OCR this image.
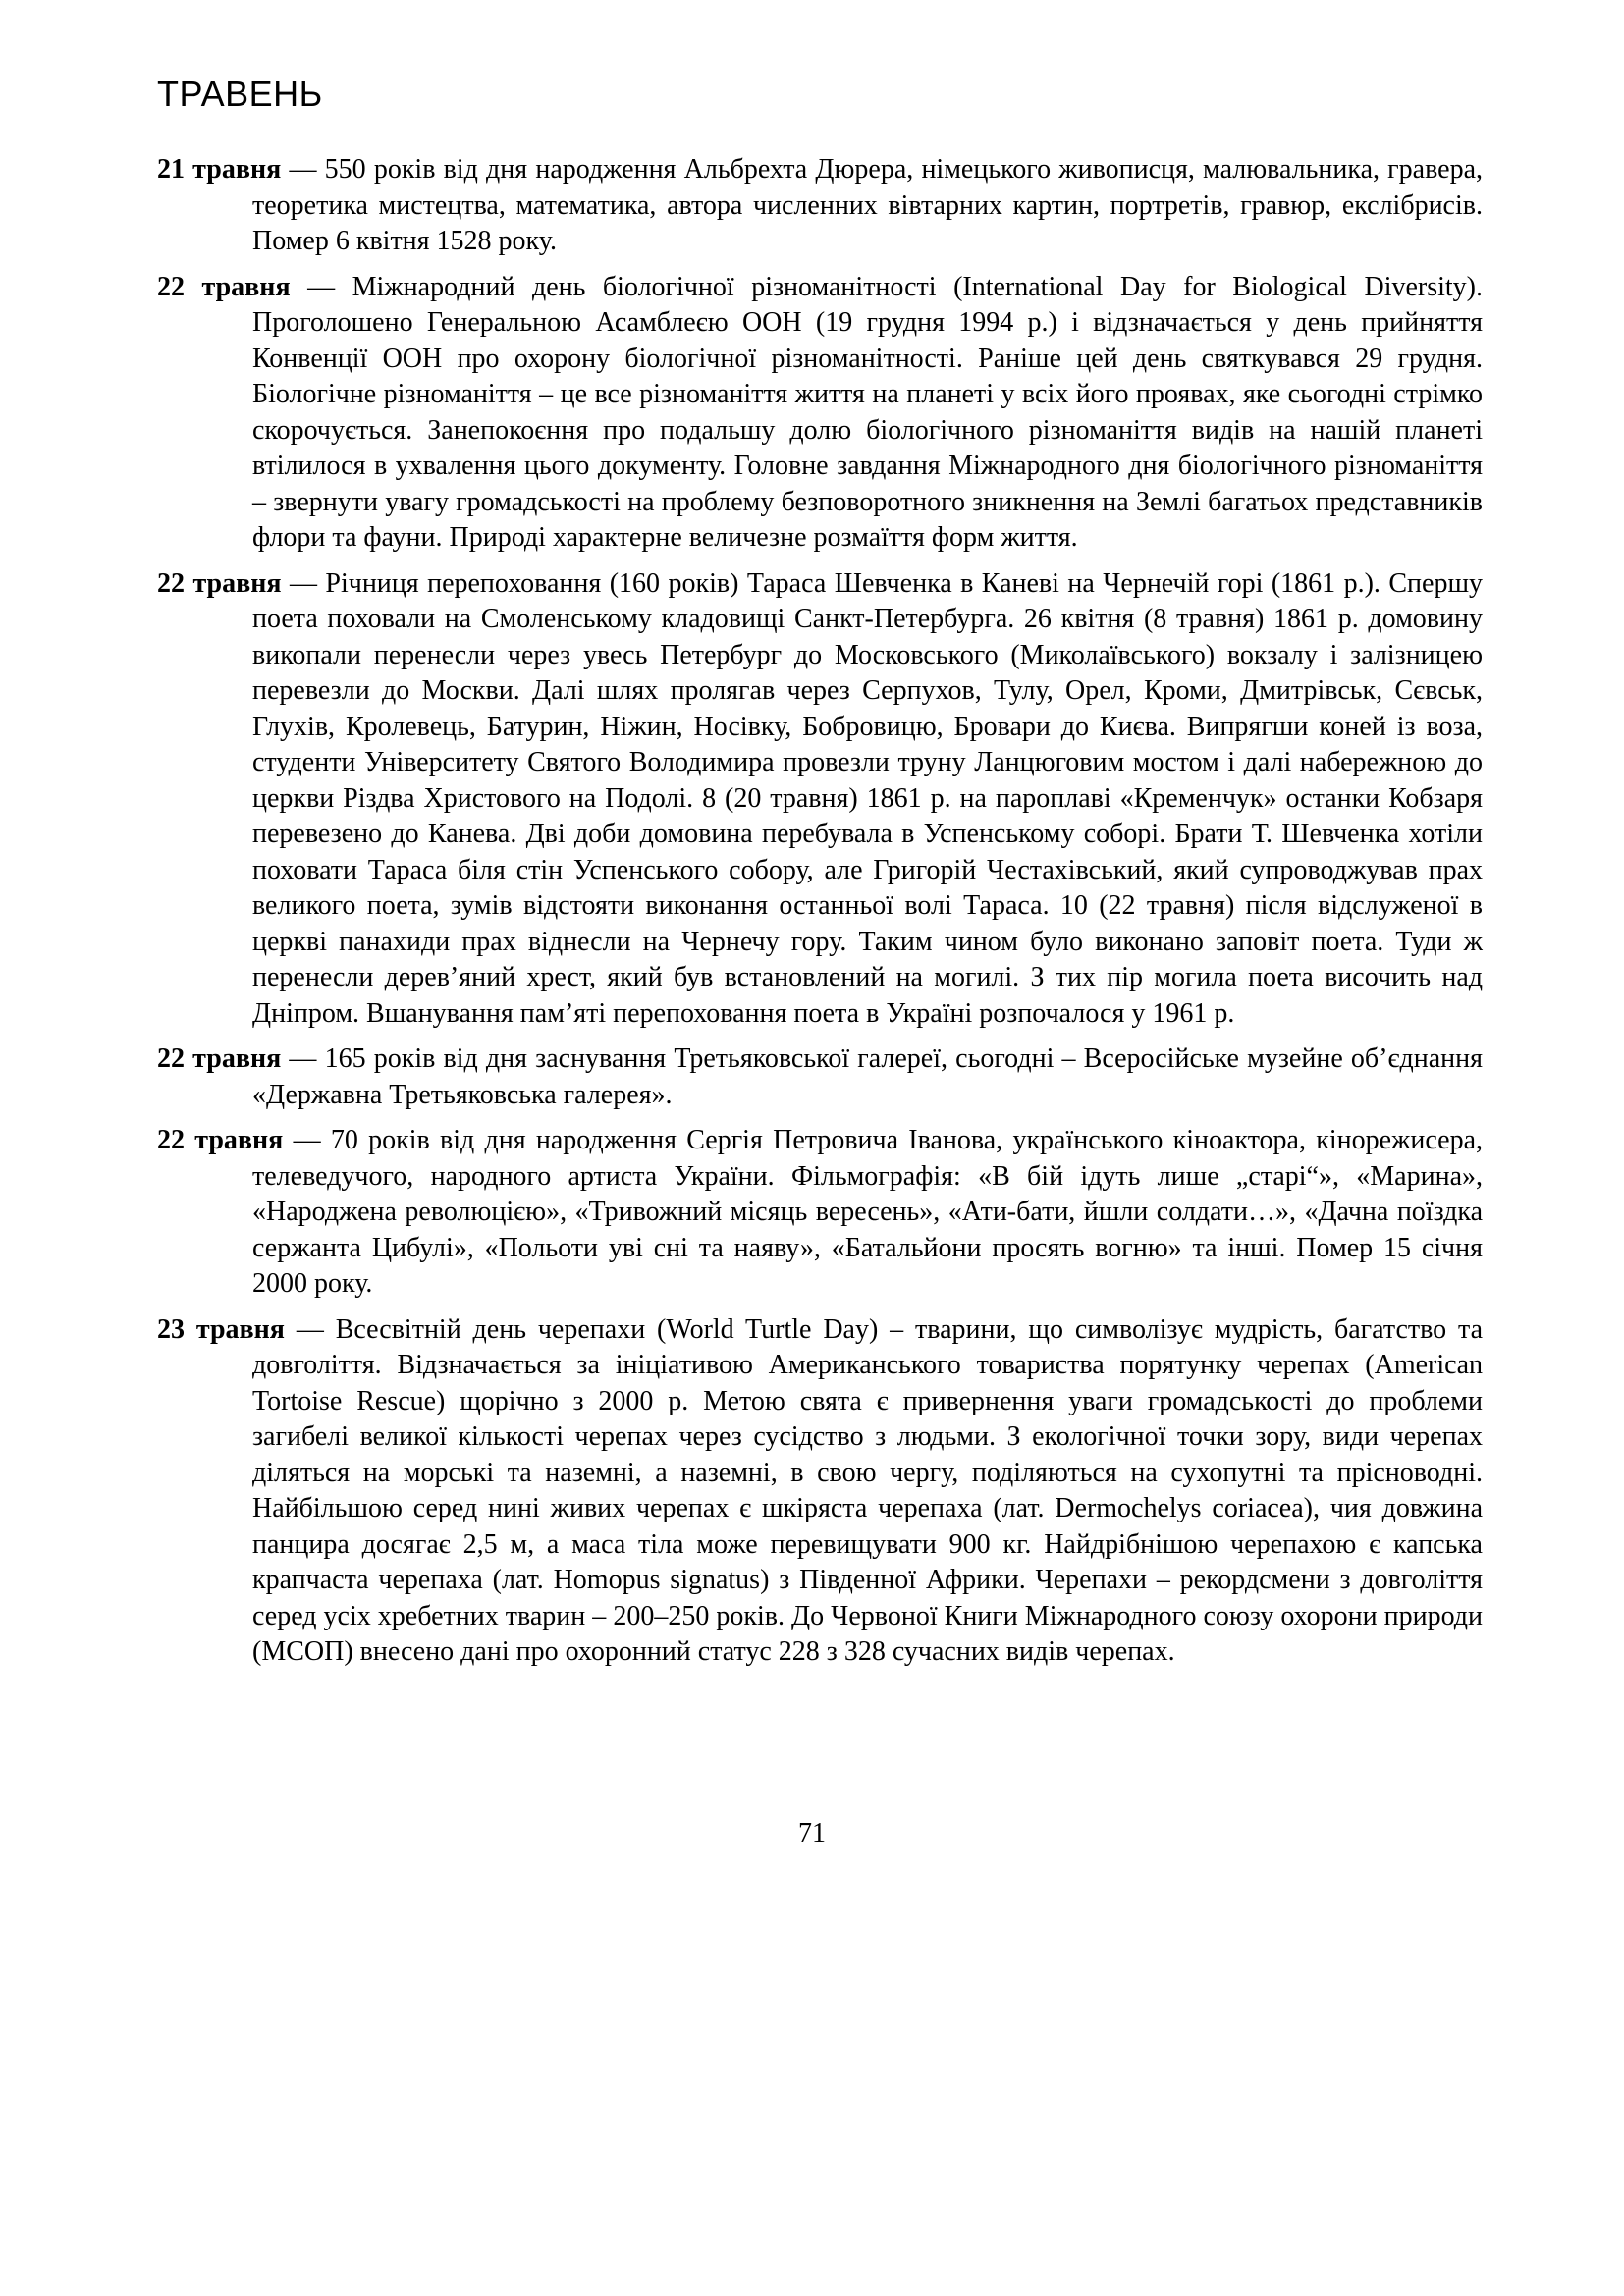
ТРАВЕНЬ

21 травня — 550 років від дня народження Альбрехта Дюрера, німецького живописця, малювальника, гравера, теоретика мистецтва, математика, автора численних вівтарних картин, портретів, гравюр, екслібрисів. Помер 6 квітня 1528 року.

22 травня — Міжнародний день біологічної різноманітності (International Day for Biological Diversity). Проголошено Генеральною Асамблеєю ООН (19 грудня 1994 р.) і відзначається у день прийняття Конвенції ООН про охорону біологічної різноманітності. Раніше цей день святкувався 29 грудня. Біологічне різноманіття – це все різноманіття життя на планеті у всіх його проявах, яке сьогодні стрімко скорочується. Занепокоєння про подальшу долю біологічного різноманіття видів на нашій планеті втілилося в ухвалення цього документу. Головне завдання Міжнародного дня біологічного різноманіття – звернути увагу громадськості на проблему безповоротного зникнення на Землі багатьох представників флори та фауни. Природі характерне величезне розмаїття форм життя.

22 травня — Річниця перепоховання (160 років) Тараса Шевченка в Каневі на Чернечій горі (1861 р.). Спершу поета поховали на Смоленському кладовищі Санкт-Петербурга. 26 квітня (8 травня) 1861 р. домовину викопали перенесли через увесь Петербург до Московського (Миколаївського) вокзалу і залізницею перевезли до Москви. Далі шлях пролягав через Серпухов, Тулу, Орел, Кроми, Дмитрівськ, Сєвськ, Глухів, Кролевець, Батурин, Ніжин, Носівку, Бобровицю, Бровари до Києва. Випрягши коней із воза, студенти Університету Святого Володимира провезли труну Ланцюговим мостом і далі набережною до церкви Різдва Христового на Подолі. 8 (20 травня) 1861 р. на пароплаві «Кременчук» останки Кобзаря перевезено до Канева. Дві доби домовина перебувала в Успенському соборі. Брати Т. Шевченка хотіли поховати Тараса біля стін Успенського собору, але Григорій Честахівський, який супроводжував прах великого поета, зумів відстояти виконання останньої волі Тараса. 10 (22 травня) після відслуженої в церкві панахиди прах віднесли на Чернечу гору. Таким чином було виконано заповіт поета. Туди ж перенесли дерев’яний хрест, який був встановлений на могилі. З тих пір могила поета височить над Дніпром. Вшанування пам’яті перепоховання поета в Україні розпочалося у 1961 р.

22 травня — 165 років від дня заснування Третьяковської галереї, сьогодні – Всеросійське музейне об’єднання «Державна Третьяковська галерея».

22 травня — 70 років від дня народження Сергія Петровича Іванова, українського кіноактора, кінорежисера, телеведучого, народного артиста України. Фільмографія: «В бій ідуть лише „старі“», «Марина», «Народжена революцією», «Тривожний місяць вересень», «Ати-бати, йшли солдати…», «Дачна поїздка сержанта Цибулі», «Польоти уві сні та наяву», «Батальйони просять вогню» та інші. Помер 15 січня 2000 року.

23 травня — Всесвітній день черепахи (World Turtle Day) – тварини, що символізує мудрість, багатство та довголіття. Відзначається за ініціативою Американського товариства порятунку черепах (American Tortoise Rescue) щорічно з 2000 р. Метою свята є привернення уваги громадськості до проблеми загибелі великої кількості черепах через сусідство з людьми. З екологічної точки зору, види черепах діляться на морські та наземні, а наземні, в свою чергу, поділяються на сухопутні та прісноводні. Найбільшою серед нині живих черепах є шкіряста черепаха (лат. Dermochelys coriacea), чия довжина панцира досягає 2,5 м, а маса тіла може перевищувати 900 кг. Найдрібнішою черепахою є капська крапчаста черепаха (лат. Homopus signatus) з Південної Африки. Черепахи – рекордсмени з довголіття серед усіх хребетних тварин – 200–250 років. До Червоної Книги Міжнародного союзу охорони природи (МСОП) внесено дані про охоронний статус 228 з 328 сучасних видів черепах.

71
